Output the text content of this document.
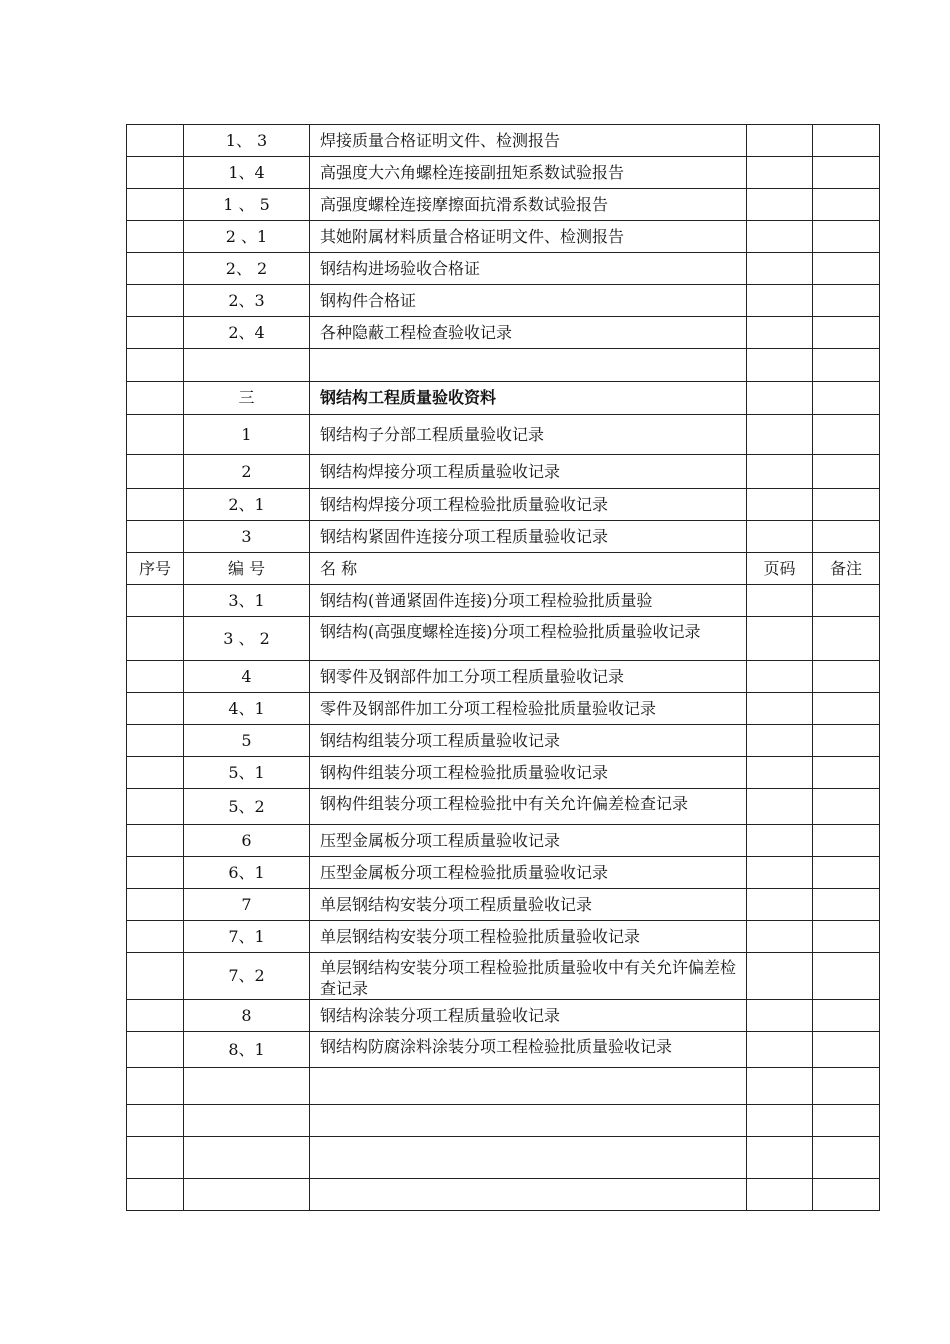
	1、 3	焊接质量合格证明文件、检测报告		
	1、4	高强度大六角螺栓连接副扭矩系数试验报告		
	1 、 5	高强度螺栓连接摩擦面抗滑系数试验报告		
	2 、1	其她附属材料质量合格证明文件、检测报告		
	2、 2	钢结构进场验收合格证		
	2、3	钢构件合格证		
	2、4	各种隐蔽工程检查验收记录		

	三	钢结构工程质量验收资料		
	1	钢结构子分部工程质量验收记录		
	2	钢结构焊接分项工程质量验收记录		
	2、1	钢结构焊接分项工程检验批质量验收记录		
	3	钢结构紧固件连接分项工程质量验收记录		
序号	编 号	名 称	页码	备注
	3、1	钢结构(普通紧固件连接)分项工程检验批质量验		
	3 、 2	钢结构(高强度螺栓连接)分项工程检验批质量验收记录		

	4	钢零件及钢部件加工分项工程质量验收记录		
	4、1	零件及钢部件加工分项工程检验批质量验收记录		
	5	钢结构组装分项工程质量验收记录		
	5、1	钢构件组装分项工程检验批质量验收记录		
	5、2	钢构件组装分项工程检验批中有关允许偏差检查记录		

	6	压型金属板分项工程质量验收记录		
	6、1	压型金属板分项工程检验批质量验收记录		
	7	单层钢结构安装分项工程质量验收记录		
	7、1	单层钢结构安装分项工程检验批质量验收记录		
	7、2	单层钢结构安装分项工程检验批质量验收中有关允许偏差检查记录		

	8	钢结构涂装分项工程质量验收记录		
	8、1	钢结构防腐涂料涂装分项工程检验批质量验收记录		
